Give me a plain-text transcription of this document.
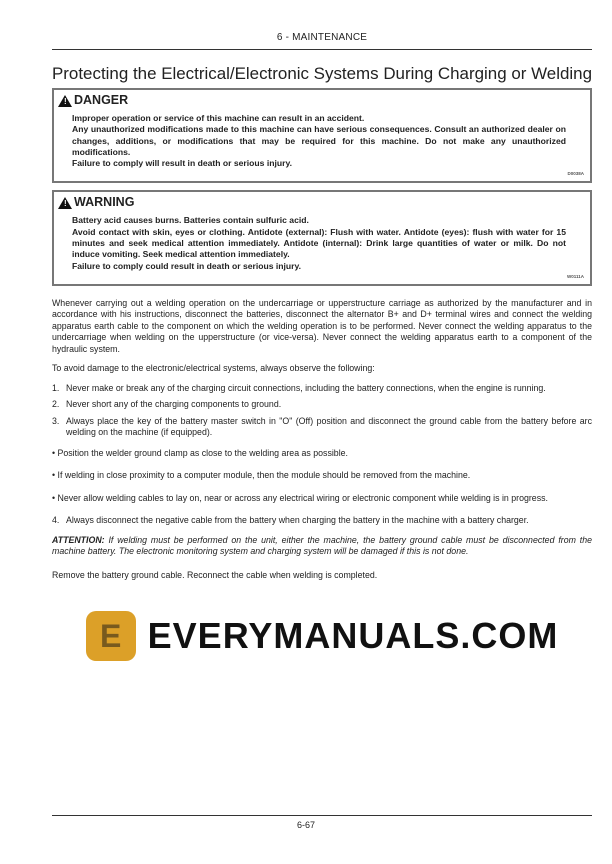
6 - MAINTENANCE
Protecting the Electrical/Electronic Systems During Charging or Welding
! DANGER
Improper operation or service of this machine can result in an accident.
Any unauthorized modifications made to this machine can have serious consequences. Consult an authorized dealer on changes, additions, or modifications that may be required for this machine. Do not make any unauthorized modifications.
Failure to comply will result in death or serious injury.
D0038A
! WARNING
Battery acid causes burns. Batteries contain sulfuric acid.
Avoid contact with skin, eyes or clothing. Antidote (external): Flush with water. Antidote (eyes): flush with water for 15 minutes and seek medical attention immediately. Antidote (internal): Drink large quantities of water or milk. Do not induce vomiting. Seek medical attention immediately.
Failure to comply could result in death or serious injury.
W0111A

Whenever carrying out a welding operation on the undercarriage or upperstructure carriage as authorized by the manufacturer and in accordance with his instructions, disconnect the batteries, disconnect the alternator B+ and D+ terminal wires and connect the welding apparatus earth cable to the component on which the welding operation is to be performed. Never connect the welding apparatus to the undercarriage when welding on the upperstructure (or vice-versa). Never connect the welding apparatus earth to a component of the hydraulic system.

To avoid damage to the electronic/electrical systems, always observe the following:

1. Never make or break any of the charging circuit connections, including the battery connections, when the engine is running.
2. Never short any of the charging components to ground.
3. Always place the key of the battery master switch in "O" (Off) position and disconnect the ground cable from the battery before arc welding on the machine (if equipped).

• Position the welder ground clamp as close to the welding area as possible.

• If welding in close proximity to a computer module, then the module should be removed from the machine.

• Never allow welding cables to lay on, near or across any electrical wiring or electronic component while welding is in progress.

4. Always disconnect the negative cable from the battery when charging the battery in the machine with a battery charger.

ATTENTION: If welding must be performed on the unit, either the machine, the battery ground cable must be disconnected from the machine battery. The electronic monitoring system and charging system will be damaged if this is not done.

Remove the battery ground cable. Reconnect the cable when welding is completed.

E EVERYMANUALS.COM
6-67
